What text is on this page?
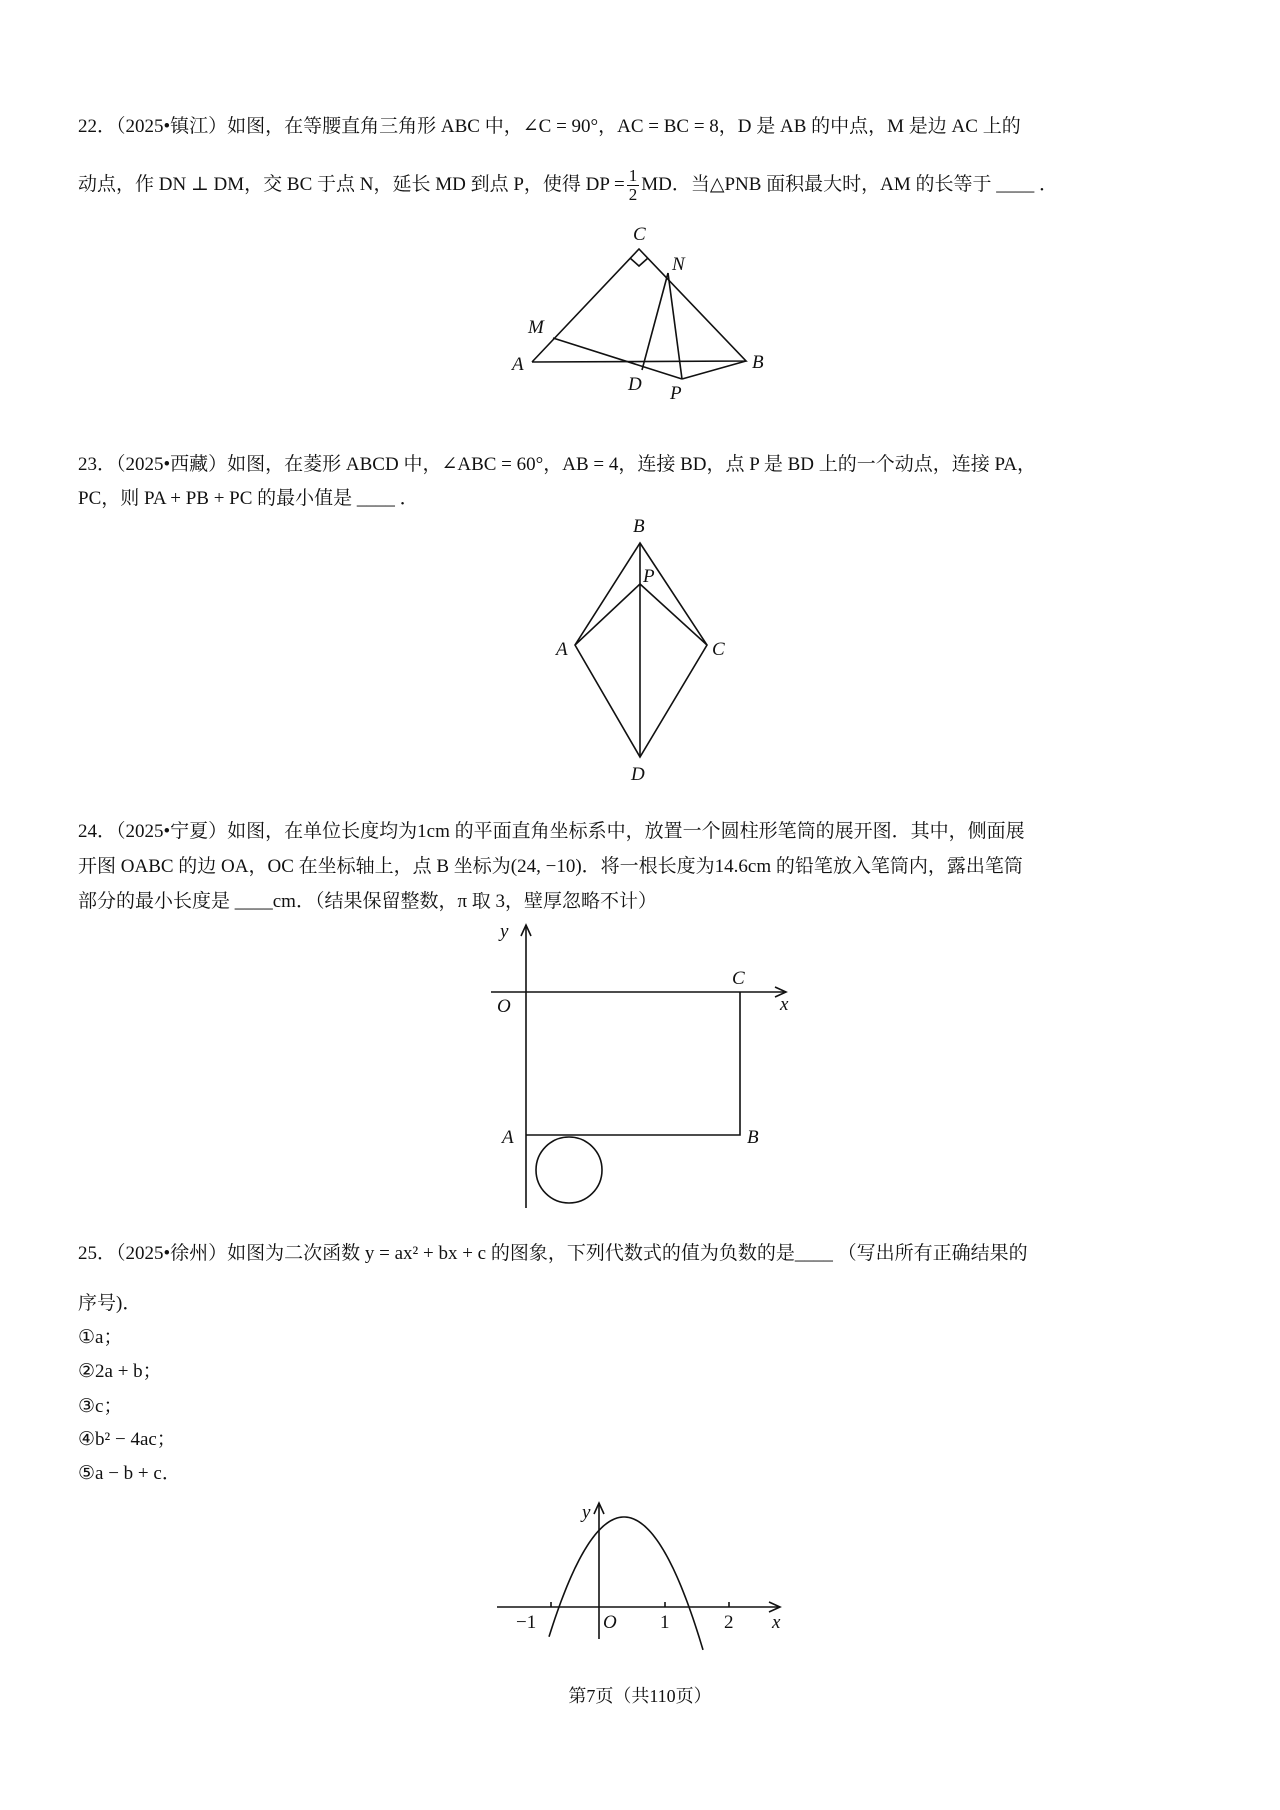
22．（2025•镇江）如图，在等腰直角三角形 ABC 中，∠C = 90°，AC = BC = 8，D 是 AB 的中点，M 是边 AC 上的
动点，作 DN ⊥ DM，交 BC 于点 N，延长 MD 到点 P，使得 DP = $\frac{1}{2}$ MD．当△PNB 面积最大时，AM 的长等于 ____ ．
C
N
M
A	B
D P
B
P
A	C
D
y
O
C
x
A	B
y
x
O
−1	1	2
23．（2025•西藏）如图，在菱形 ABCD 中，∠ABC = 60°，AB = 4，连接 BD，点 P 是 BD 上的一个动点，连接 PA，
PC，则 PA + PB + PC 的最小值是 ____ ．
24．（2025•宁夏）如图，在单位长度均为1cm 的平面直角坐标系中，放置一个圆柱形笔筒的展开图．其中，侧面展
开图 OABC 的边 OA，OC 在坐标轴上，点 B 坐标为(24, −10)．将一根长度为14.6cm 的铅笔放入笔筒内，露出笔筒
部分的最小长度是 ____cm．（结果保留整数，π 取 3，壁厚忽略不计）
25．（2025•徐州）如图为二次函数 y = ax² + bx + c 的图象，下列代数式的值为负数的是____ （写出所有正确结果的
序号)．
①a；
②2a + b；
③c；
④b² − 4ac；
⑤a − b + c．
第7页（共110页）
